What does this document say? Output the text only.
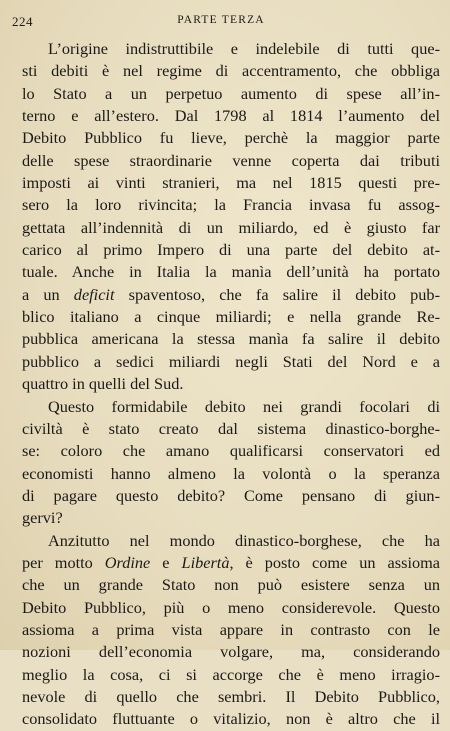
224	PARTE TERZA
L’origine indistruttibile e indelebile di tutti que-
sti debiti è nel regime di accentramento, che obbliga
lo Stato a un perpetuo aumento di spese all’in-
terno e all’estero. Dal 1798 al 1814 l’aumento del
Debito Pubblico fu lieve, perchè la maggior parte
delle spese straordinarie venne coperta dai tributi
imposti ai vinti stranieri, ma nel 1815 questi pre-
sero la loro rivincita; la Francia invasa fu assog-
gettata all’indennità di un miliardo, ed è giusto far
carico al primo Impero di una parte del debito at-
tuale. Anche in Italia la manìa dell’unità ha portato
a un deficit spaventoso, che fa salire il debito pub-
blico italiano a cinque miliardi; e nella grande Re-
pubblica americana la stessa manìa fa salire il debito
pubblico a sedici miliardi negli Stati del Nord e a
quattro in quelli del Sud.
Questo formidabile debito nei grandi focolari di
civiltà è stato creato dal sistema dinastico-borghe-
se: coloro che amano qualificarsi conservatori ed
economisti hanno almeno la volontà o la speranza
di pagare questo debito? Come pensano di giun-
gervi?
Anzitutto nel mondo dinastico-borghese, che ha
per motto Ordine e Libertà, è posto come un assioma
che un grande Stato non può esistere senza un
Debito Pubblico, più o meno considerevole. Questo
assioma a prima vista appare in contrasto con le
nozioni dell’economia volgare, ma, considerando
meglio la cosa, ci si accorge che è meno irragio-
nevole di quello che sembri. Il Debito Pubblico,
consolidato fluttuante o vitalizio, non è altro che il
